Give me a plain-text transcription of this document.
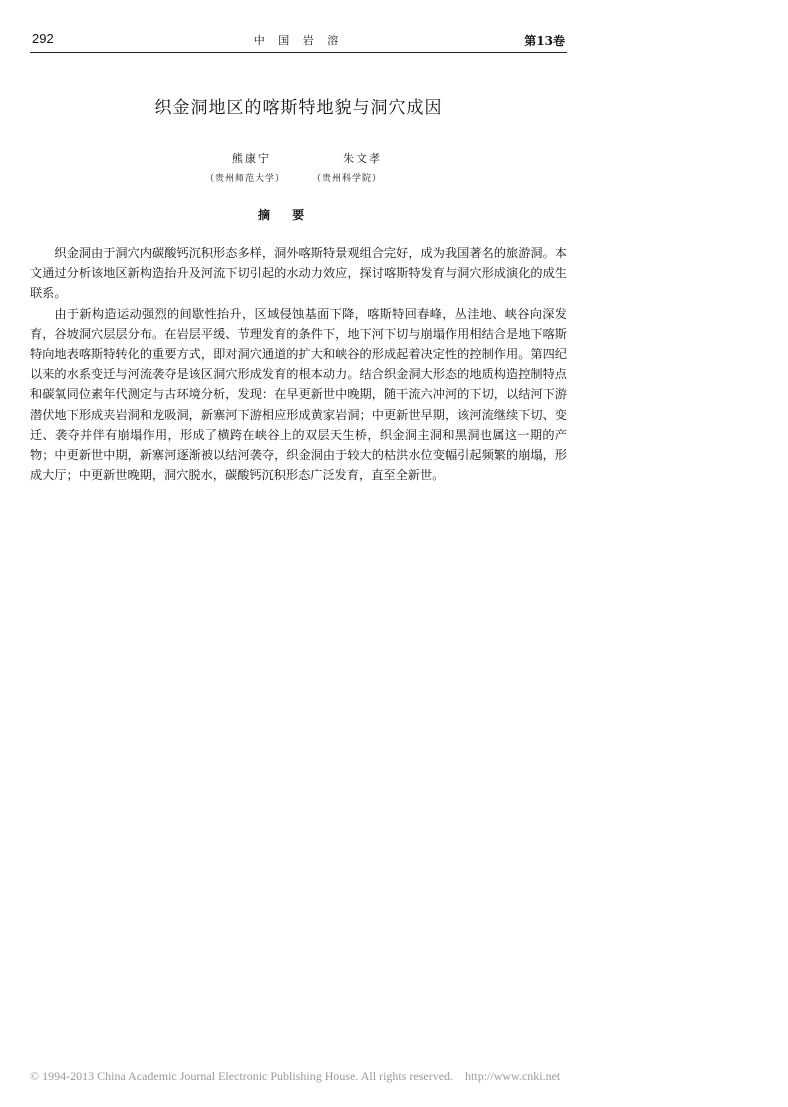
292	中 国 岩 溶	第13卷
织金洞地区的喀斯特地貌与洞穴成因
熊康宁	朱文孝
（贵州师范大学）	（贵州科学院）
摘 要

织金洞由于洞穴内碳酸钙沉积形态多样，洞外喀斯特景观组合完好，成为我国著名的旅游洞。本文通过分析该地区新构造抬升及河流下切引起的水动力效应，探讨喀斯特发育与洞穴形成演化的成生联系。

由于新构造运动强烈的间歇性抬升，区域侵蚀基面下降，喀斯特回春峰，丛洼地、峡谷向深发育，谷坡洞穴层层分布。在岩层平缓、节理发育的条件下，地下河下切与崩塌作用相结合是地下喀斯特向地表喀斯特转化的重要方式，即对洞穴通道的扩大和峡谷的形成起着决定性的控制作用。第四纪以来的水系变迁与河流袭夺是该区洞穴形成发育的根本动力。结合织金洞大形态的地质构造控制特点和碳氧同位素年代测定与古环境分析，发现：在早更新世中晚期，随干流六冲河的下切，以结河下游潜伏地下形成夹岩洞和龙吸洞，新寨河下游相应形成黄家岩洞；中更新世早期，该河流继续下切、变迁、袭夺并伴有崩塌作用，形成了横跨在峡谷上的双层天生桥，织金洞主洞和黑洞也属这一期的产物；中更新世中期，新寨河逐渐被以结河袭夺，织金洞由于较大的枯洪水位变幅引起频繁的崩塌，形成大厅；中更新世晚期，洞穴脱水，碳酸钙沉积形态广泛发育，直至全新世。

© 1994-2013 China Academic Journal Electronic Publishing House. All rights reserved.    http://www.cnki.net
